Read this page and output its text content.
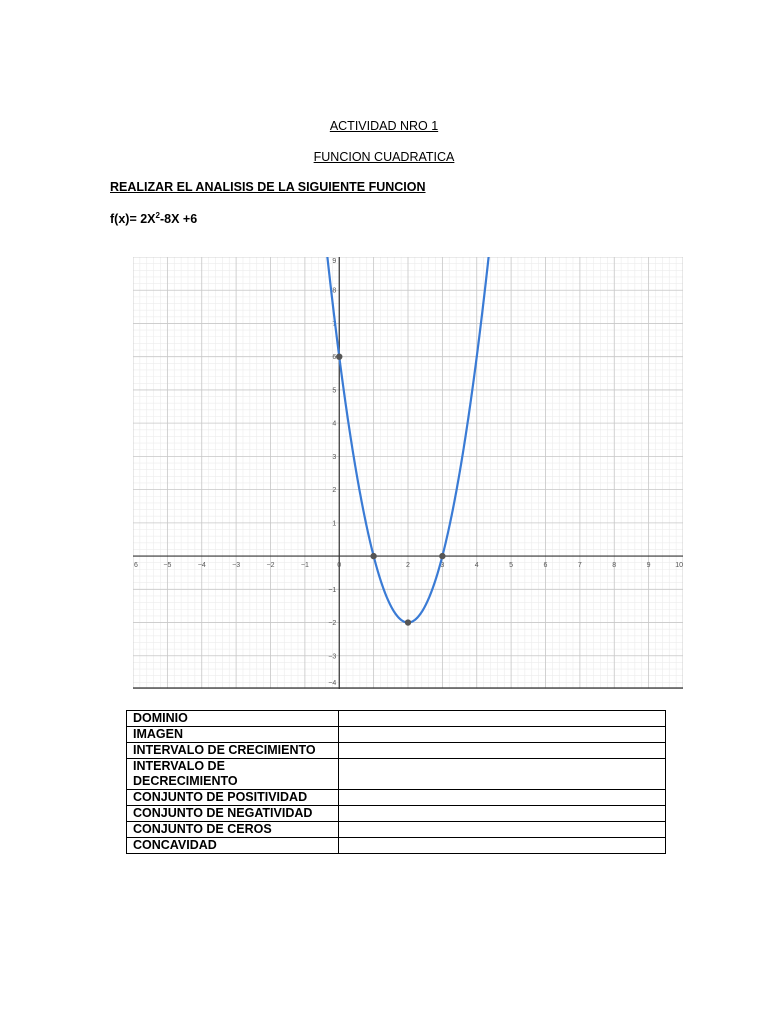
ACTIVIDAD NRO 1
FUNCION CUADRATICA
REALIZAR EL ANALISIS DE LA SIGUIENTE FUNCION
$f(x)= 2X^2-8X +6$
6	−5	−4	−3	−2	−1	0	2	3	4	5	6	7	8	9	10
9
8
7
6
5
4
3
2
1
−1
−2
−3
−4
DOMINIO	
IMAGEN	
INTERVALO DE CRECIMIENTO	
INTERVALO DE DECRECIMIENTO	
CONJUNTO DE POSITIVIDAD	
CONJUNTO DE NEGATIVIDAD	
CONJUNTO DE CEROS	
CONCAVIDAD	
